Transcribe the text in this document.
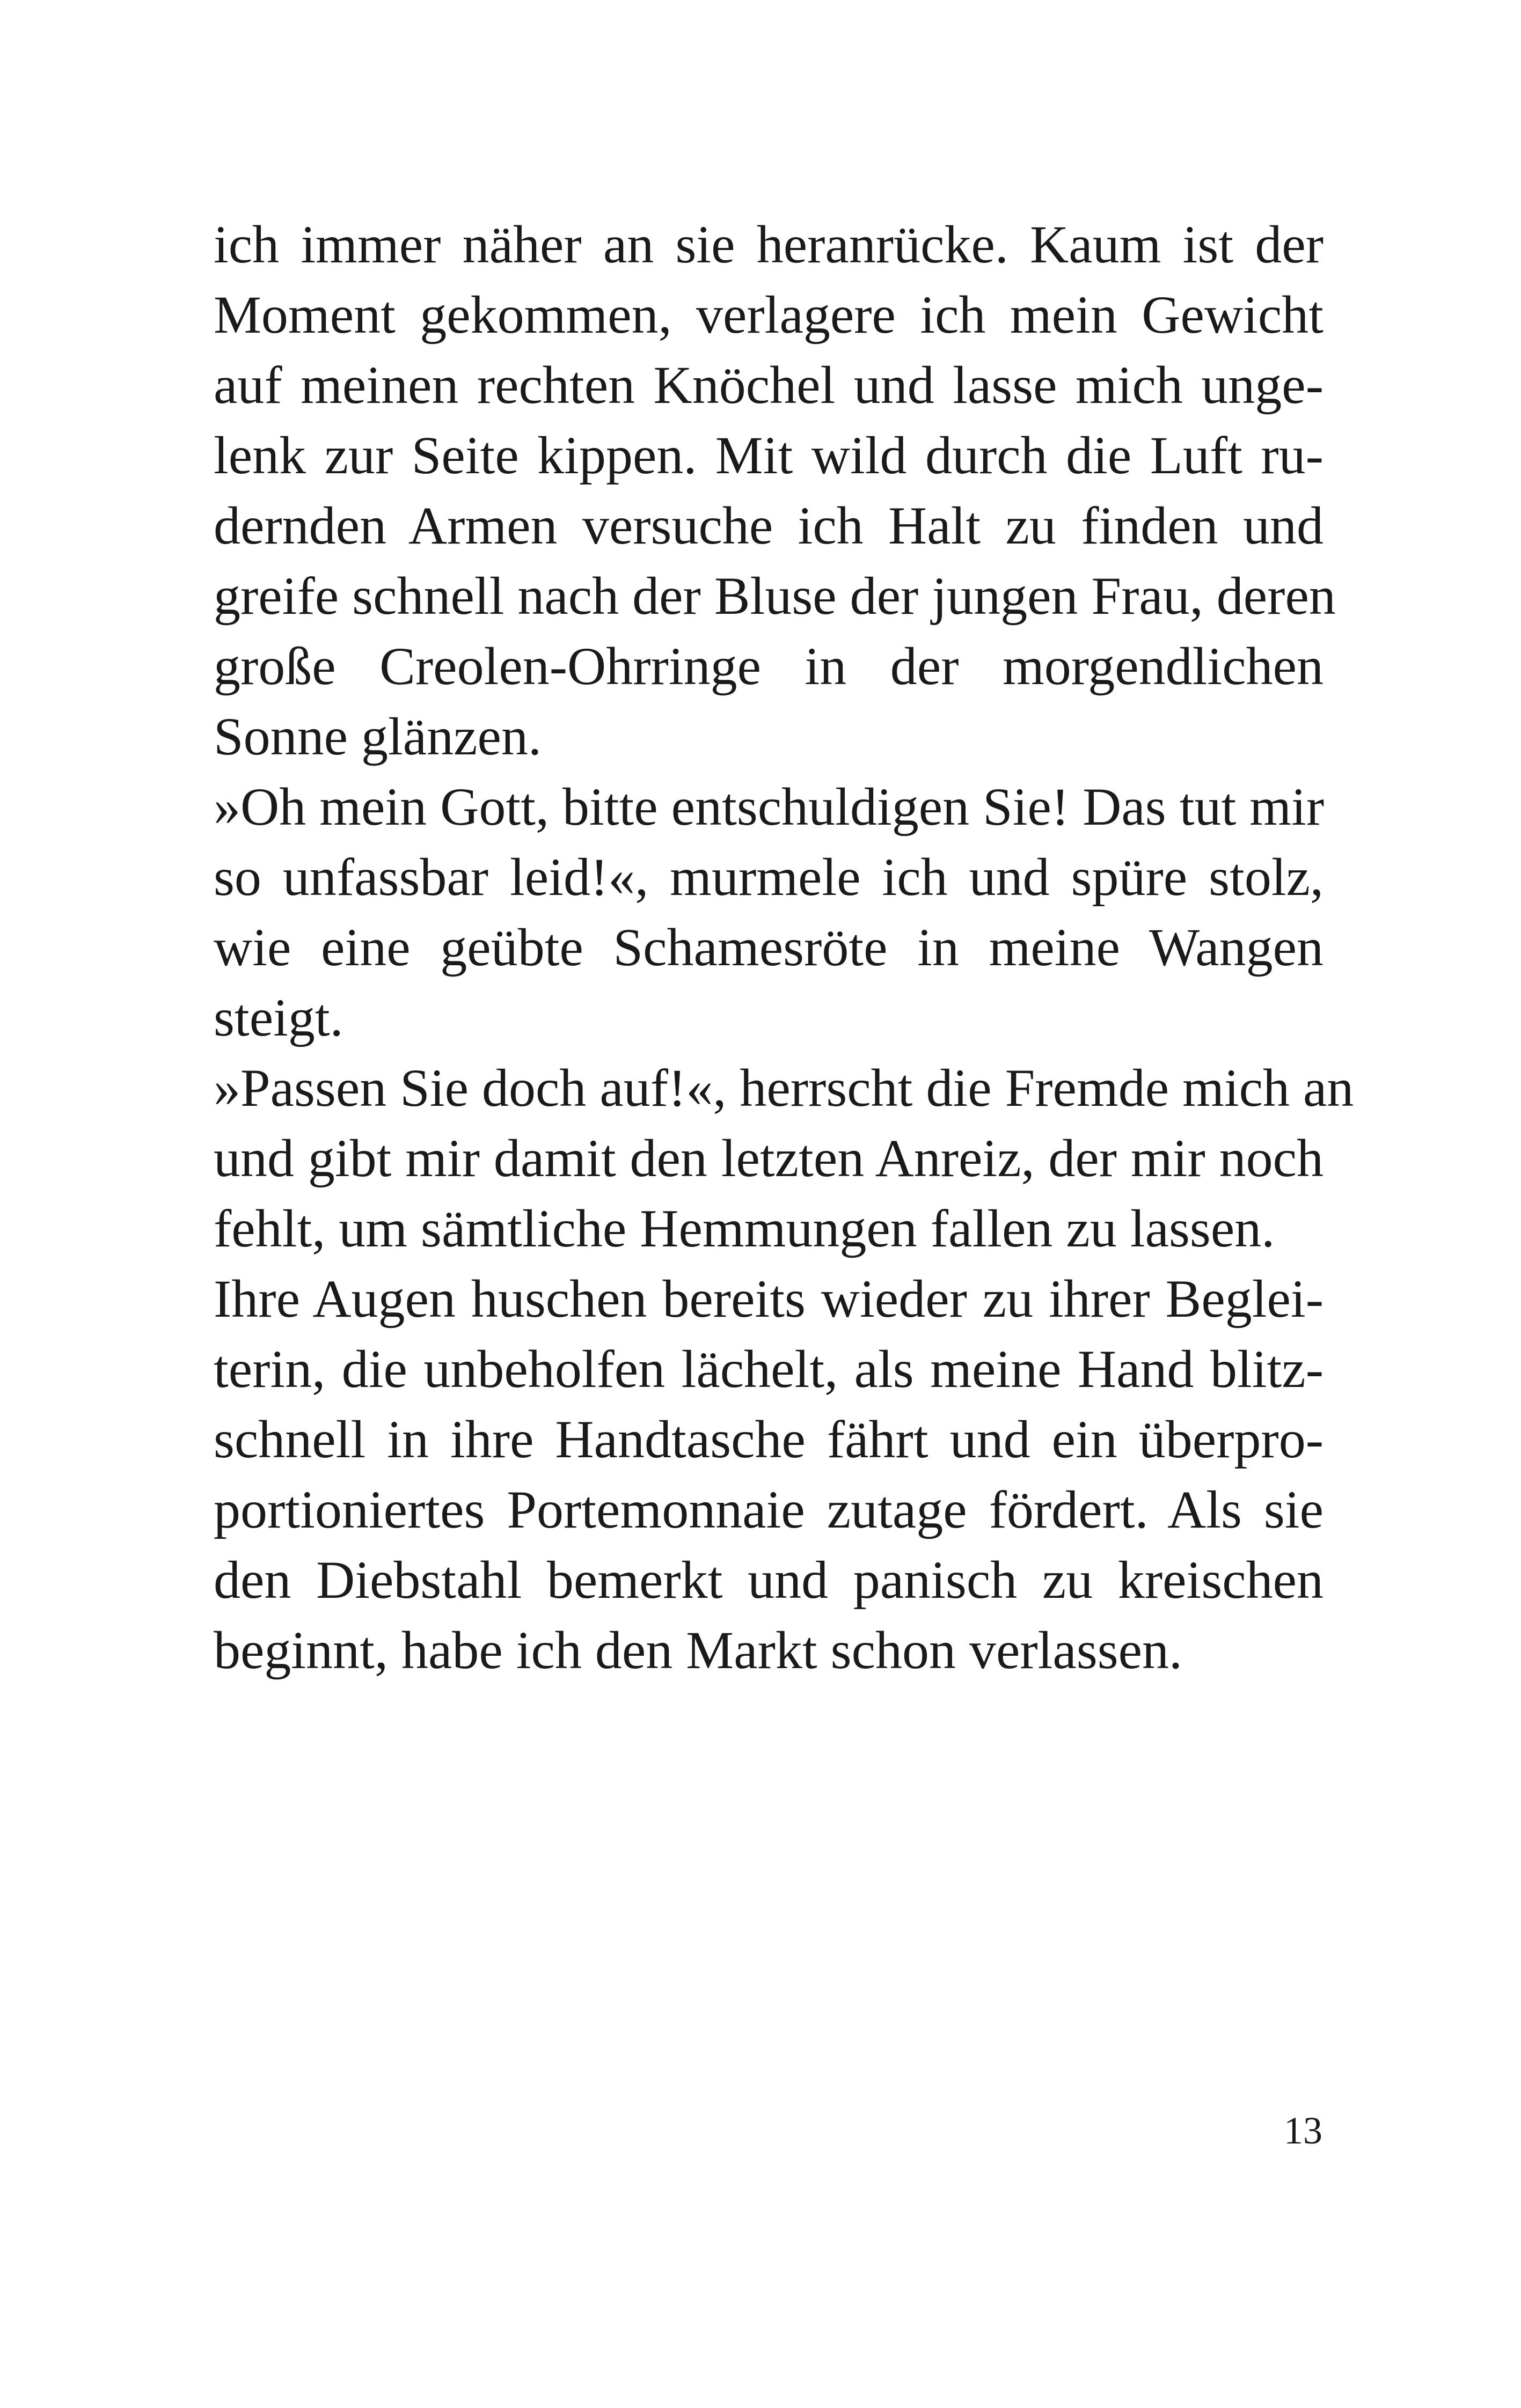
ich immer näher an sie heranrücke. Kaum ist der
Moment gekommen, verlagere ich mein Gewicht
auf meinen rechten Knöchel und lasse mich unge-
lenk zur Seite kippen. Mit wild durch die Luft ru-
dernden Armen versuche ich Halt zu finden und
greife schnell nach der Bluse der jungen Frau, deren
große Creolen-Ohrringe in der morgendlichen
Sonne glänzen.
»Oh mein Gott, bitte entschuldigen Sie! Das tut mir
so unfassbar leid!«, murmele ich und spüre stolz,
wie eine geübte Schamesröte in meine Wangen
steigt.
»Passen Sie doch auf!«, herrscht die Fremde mich an
und gibt mir damit den letzten Anreiz, der mir noch
fehlt, um sämtliche Hemmungen fallen zu lassen.
Ihre Augen huschen bereits wieder zu ihrer Beglei-
terin, die unbeholfen lächelt, als meine Hand blitz-
schnell in ihre Handtasche fährt und ein überpro-
portioniertes Portemonnaie zutage fördert. Als sie
den Diebstahl bemerkt und panisch zu kreischen
beginnt, habe ich den Markt schon verlassen.
13
